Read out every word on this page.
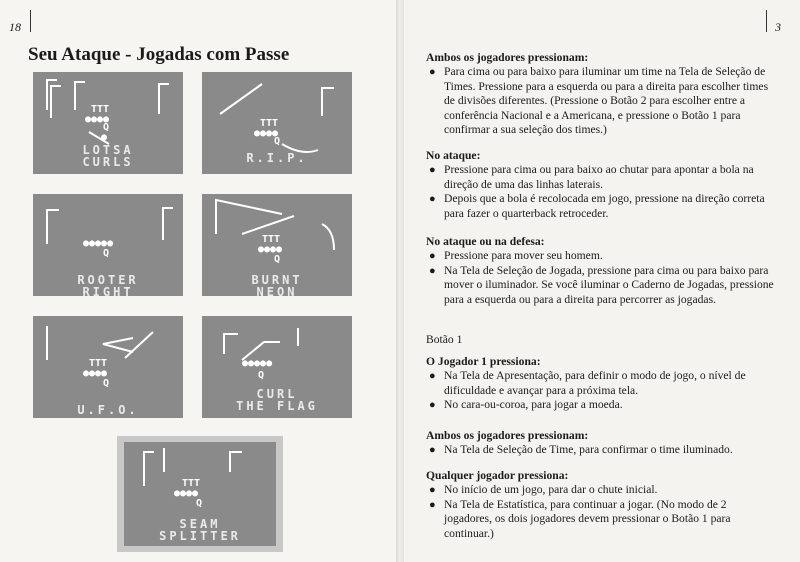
18	3
Seu Ataque - Jogadas com Passe
TTT
●●●●
Q
●
LOTSA
CURLS
TTT
●●●●
Q
R.I.P.
●●●●●
Q
ROOTER
RIGHT
TTT
●●●●
Q
BURNT
NEON
TTT
●●●●
Q
U.F.O.
●●●●●
Q
CURL
THE FLAG
TTT
●●●●
Q
SEAM
SPLITTER
Ambos os jogadores pressionam:
● Para cima ou para baixo para iluminar um time na Tela de Seleção de Times. Pressione para a esquerda ou para a direita para escolher times de divisões diferentes. (Pressione o Botão 2 para escolher entre a conferência Nacional e a Americana, e pressione o Botão 1 para confirmar a sua seleção dos times.)
No ataque:
● Pressione para cima ou para baixo ao chutar para apontar a bola na direção de uma das linhas laterais.
● Depois que a bola é recolocada em jogo, pressione na direção correta para fazer o quarterback retroceder.
No ataque ou na defesa:
● Pressione para mover seu homem.
● Na Tela de Seleção de Jogada, pressione para cima ou para baixo para mover o iluminador. Se você iluminar o Caderno de Jogadas, pressione para a esquerda ou para a direita para percorrer as jogadas.
Botão 1
O Jogador 1 pressiona:
● Na Tela de Apresentação, para definir o modo de jogo, o nível de dificuldade e avançar para a próxima tela.
● No cara-ou-coroa, para jogar a moeda.
Ambos os jogadores pressionam:
● Na Tela de Seleção de Time, para confirmar o time iluminado.
Qualquer jogador pressiona:
● No início de um jogo, para dar o chute inicial.
● Na Tela de Estatística, para continuar a jogar. (No modo de 2 jogadores, os dois jogadores devem pressionar o Botão 1 para continuar.)
